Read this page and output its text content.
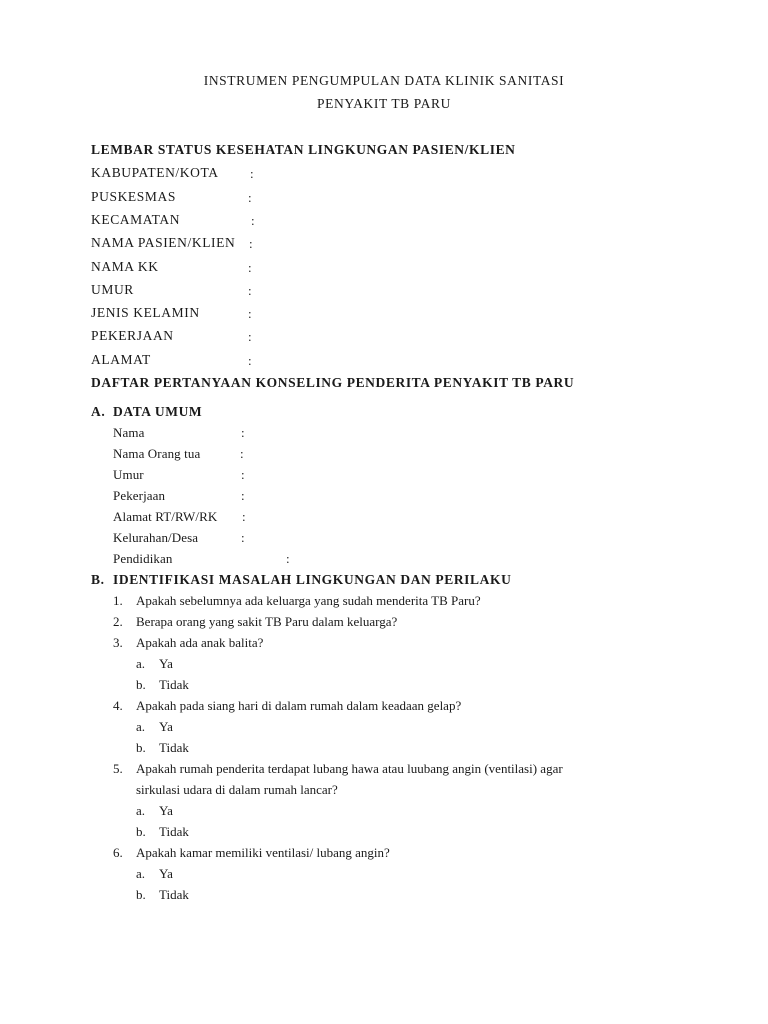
INSTRUMEN PENGUMPULAN DATA KLINIK SANITASI
PENYAKIT TB PARU
LEMBAR STATUS KESEHATAN LINGKUNGAN PASIEN/KLIEN
KABUPATEN/KOTA :
PUSKESMAS	:
KECAMATAN	:
NAMA PASIEN/KLIEN :
NAMA KK	:
UMUR	:
JENIS KELAMIN	:
PEKERJAAN	:
ALAMAT	:
DAFTAR PERTANYAAN KONSELING PENDERITA PENYAKIT TB PARU
A. DATA UMUM
Nama	:
Nama Orang tua	:
Umur	:
Pekerjaan	:
Alamat RT/RW/RK :
Kelurahan/Desa	:
Pendidikan	:
B. IDENTIFIKASI MASALAH LINGKUNGAN DAN PERILAKU
1. Apakah sebelumnya ada keluarga yang sudah menderita TB Paru?
2. Berapa orang yang sakit TB Paru dalam keluarga?
3. Apakah ada anak balita?
a. Ya
b. Tidak
4. Apakah pada siang hari di dalam rumah dalam keadaan gelap?
a. Ya
b. Tidak
5. Apakah rumah penderita terdapat lubang hawa atau luubang angin (ventilasi) agar
sirkulasi udara di dalam rumah lancar?
a. Ya
b. Tidak
6. Apakah kamar memiliki ventilasi/ lubang angin?
a. Ya
b. Tidak
